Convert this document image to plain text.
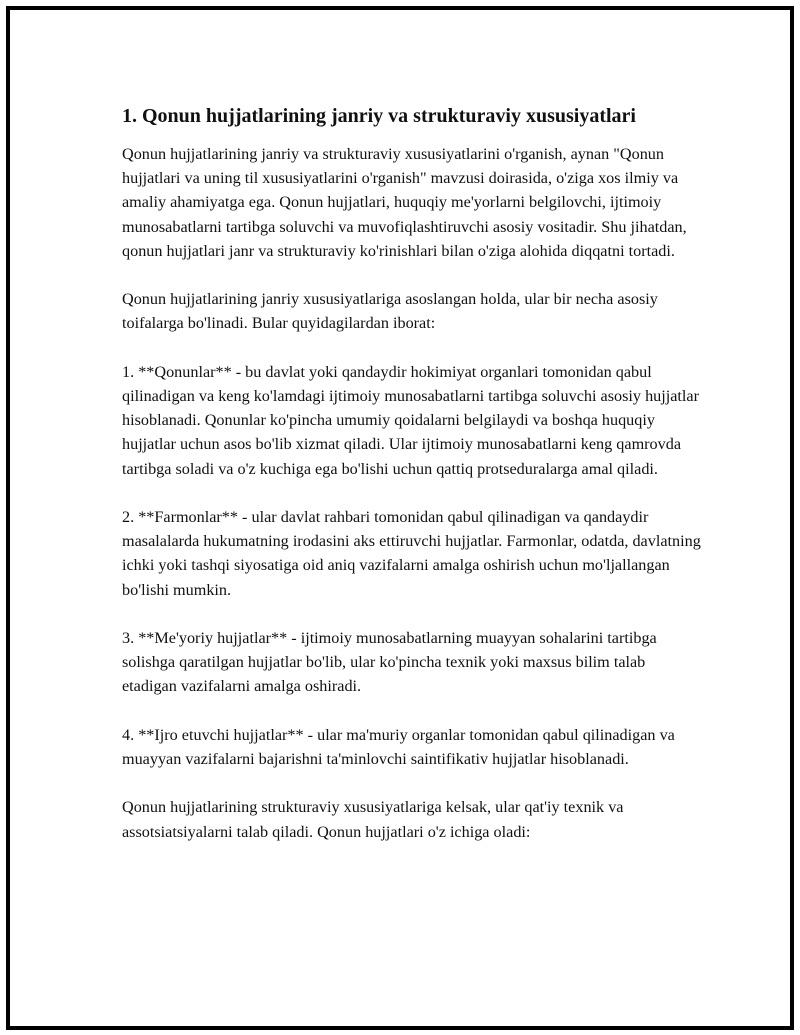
1. Qonun hujjatlarining janriy va strukturaviy xususiyatlari

Qonun hujjatlarining janriy va strukturaviy xususiyatlarini o'rganish, aynan "Qonun hujjatlari va uning til xususiyatlarini o'rganish" mavzusi doirasida, o'ziga xos ilmiy va amaliy ahamiyatga ega. Qonun hujjatlari, huquqiy me'yorlarni belgilovchi, ijtimoiy munosabatlarni tartibga soluvchi va muvofiqlashtiruvchi asosiy vositadir. Shu jihatdan, qonun hujjatlari janr va strukturaviy ko'rinishlari bilan o'ziga alohida diqqatni tortadi.

Qonun hujjatlarining janriy xususiyatlariga asoslangan holda, ular bir necha asosiy toifalarga bo'linadi. Bular quyidagilardan iborat:

1. **Qonunlar** - bu davlat yoki qandaydir hokimiyat organlari tomonidan qabul qilinadigan va keng ko'lamdagi ijtimoiy munosabatlarni tartibga soluvchi asosiy hujjatlar hisoblanadi. Qonunlar ko'pincha umumiy qoidalarni belgilaydi va boshqa huquqiy hujjatlar uchun asos bo'lib xizmat qiladi. Ular ijtimoiy munosabatlarni keng qamrovda tartibga soladi va o'z kuchiga ega bo'lishi uchun qattiq protseduralarga amal qiladi.

2. **Farmonlar** - ular davlat rahbari tomonidan qabul qilinadigan va qandaydir masalalarda hukumatning irodasini aks ettiruvchi hujjatlar. Farmonlar, odatda, davlatning ichki yoki tashqi siyosatiga oid aniq vazifalarni amalga oshirish uchun mo'ljallangan bo'lishi mumkin.

3. **Me'yoriy hujjatlar** - ijtimoiy munosabatlarning muayyan sohalarini tartibga solishga qaratilgan hujjatlar bo'lib, ular ko'pincha texnik yoki maxsus bilim talab etadigan vazifalarni amalga oshiradi.

4. **Ijro etuvchi hujjatlar** - ular ma'muriy organlar tomonidan qabul qilinadigan va muayyan vazifalarni bajarishni ta'minlovchi saintifikativ hujjatlar hisoblanadi.

Qonun hujjatlarining strukturaviy xususiyatlariga kelsak, ular qat'iy texnik va assotsiatsiyalarni talab qiladi. Qonun hujjatlari o'z ichiga oladi:
